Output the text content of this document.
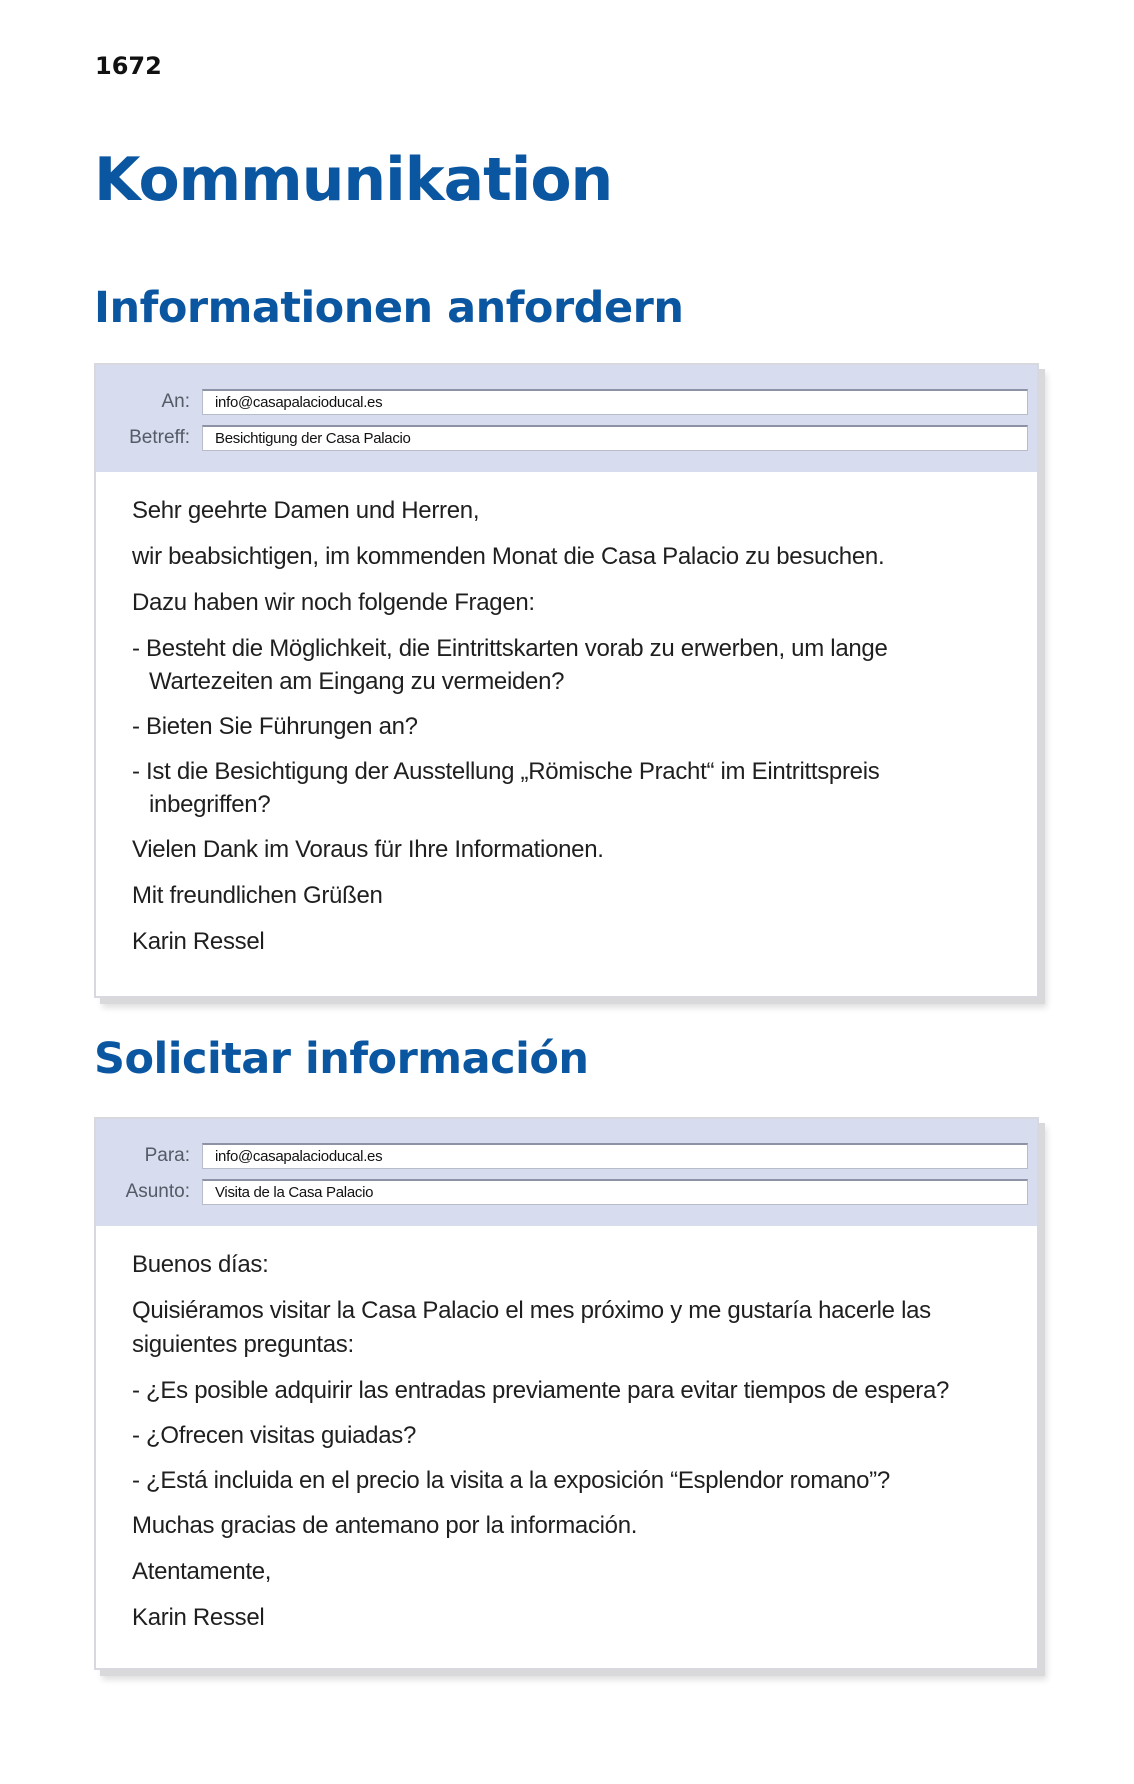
1672
Kommunikation
Informationen anfordern
An:	info@casapalacioducal.es
Betreff:	Besichtigung der Casa Palacio

Sehr geehrte Damen und Herren,

wir beabsichtigen, im kommenden Monat die Casa Palacio zu besuchen.

Dazu haben wir noch folgende Fragen:

- Besteht die Möglichkeit, die Eintrittskarten vorab zu erwerben, um lange Wartezeiten am Eingang zu vermeiden?

- Bieten Sie Führungen an?

- Ist die Besichtigung der Ausstellung „Römische Pracht“ im Eintrittspreis inbegriffen?

Vielen Dank im Voraus für Ihre Informationen.

Mit freundlichen Grüßen

Karin Ressel

Solicitar información
Para:	info@casapalacioducal.es
Asunto:	Visita de la Casa Palacio

Buenos días:

Quisiéramos visitar la Casa Palacio el mes próximo y me gustaría hacerle las siguientes preguntas:

- ¿Es posible adquirir las entradas previamente para evitar tiempos de espera?

- ¿Ofrecen visitas guiadas?

- ¿Está incluida en el precio la visita a la exposición “Esplendor romano”?

Muchas gracias de antemano por la información.

Atentamente,

Karin Ressel
